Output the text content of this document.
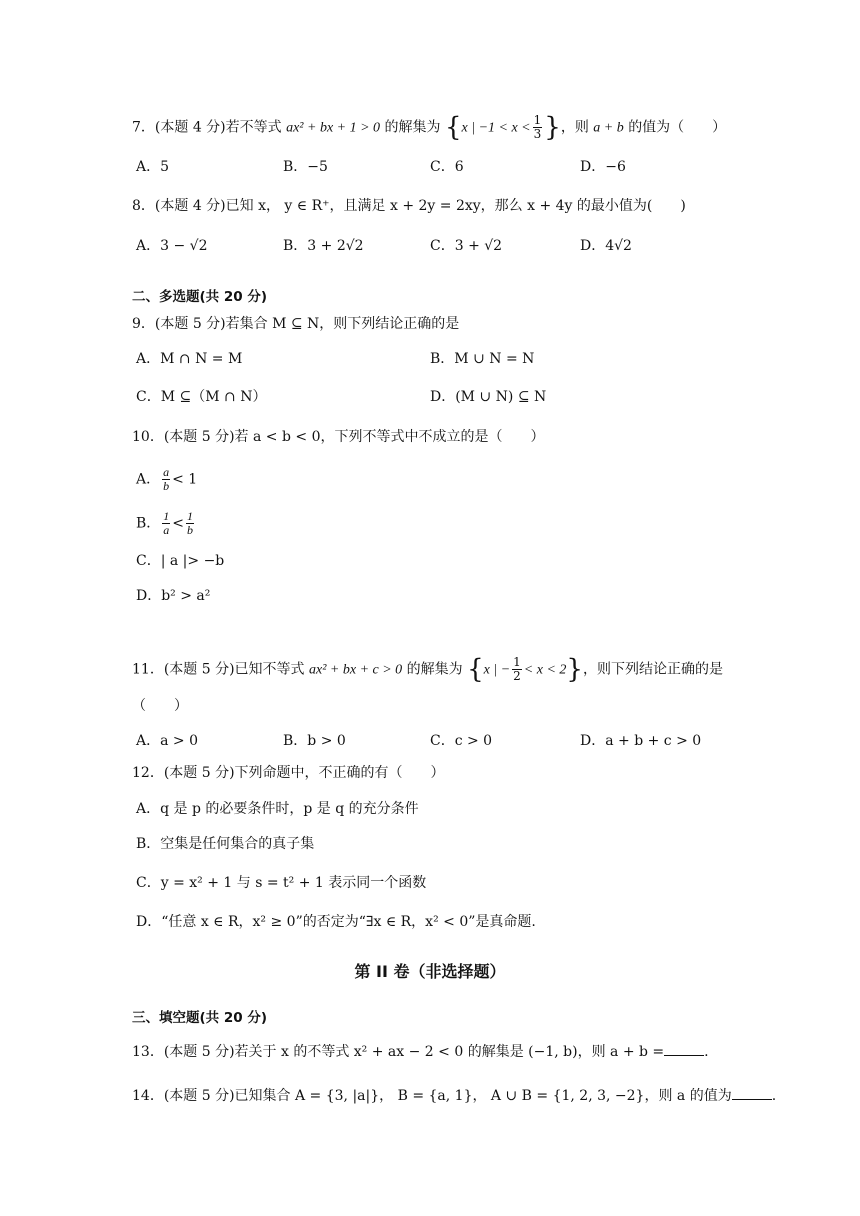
7．(本题 4 分)若不等式 ax² + bx + 1 > 0 的解集为 {x | $-1 < x < \frac{1}{3}$ }，则 a + b 的值为（　　）
A．5	B．−5	C．6	D．−6
8．(本题 4 分)已知 x， y ∈ R⁺，且满足 x + 2y = 2xy，那么 x + 4y 的最小值为(　　)
A．3 − √2	B．3 + 2√2	C．3 + √2	D．4√2
二、多选题(共 20 分)
9．(本题 5 分)若集合 M ⊆ N，则下列结论正确的是
A．M ∩ N = M	B．M ∪ N = N
C．M ⊆（M ∩ N）	D．(M ∪ N) ⊆ N
10．(本题 5 分)若 a < b < 0，下列不等式中不成立的是（　　）
A． $\frac{a}{b} < 1$
B． $\frac{1}{a} < \frac{1}{b}$
C．| a |> −b
D．b² > a²
11．(本题 5 分)已知不等式 ax² + bx + c > 0 的解集为 {x | − $\frac{1}{2} < x < 2$}，则下列结论正确的是
（　　）
A．a > 0	B．b > 0	C．c > 0	D．a + b + c > 0
12．(本题 5 分)下列命题中，不正确的有（　　）
A．q 是 p 的必要条件时，p 是 q 的充分条件
B．空集是任何集合的真子集
C．y = x² + 1 与 s = t² + 1 表示同一个函数
D．“任意 x ∈ R，x² ≥ 0”的否定为“∃x ∈ R，x² < 0”是真命题.
第 II 卷（非选择题）
三、填空题(共 20 分)
13．(本题 5 分)若关于 x 的不等式 x² + ax − 2 < 0 的解集是 (−1, b)，则 a + b =	.
14．(本题 5 分)已知集合 A = {3, |a|}， B = {a, 1}， A ∪ B = {1, 2, 3, −2}，则 a 的值为	.
